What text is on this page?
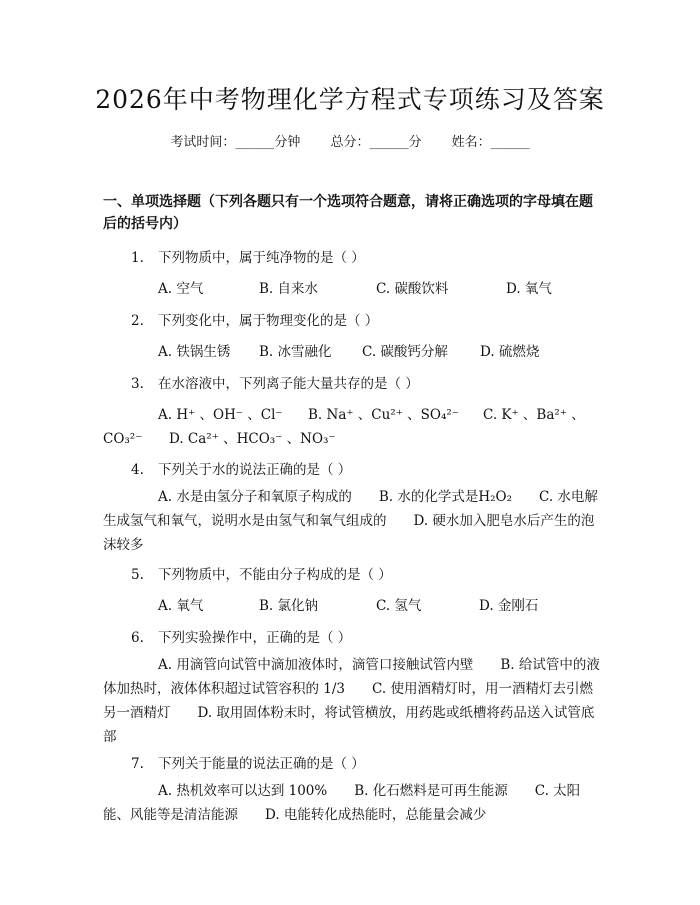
2026年中考物理化学方程式专项练习及答案
考试时间：______分钟 总分：______分 姓名：______
一、单项选择题（下列各题只有一个选项符合题意，请将正确选项的字母填在题后的括号内）
1. 下列物质中，属于纯净物的是（ ）
A. 空气	B. 自来水	C. 碳酸饮料	D. 氧气
2. 下列变化中，属于物理变化的是（ ）
A. 铁锅生锈 B. 冰雪融化 C. 碳酸钙分解 D. 硫燃烧
3. 在水溶液中，下列离子能大量共存的是（ ）
A. H⁺ 、OH⁻ 、Cl⁻ B. Na⁺ 、Cu²⁺ 、SO₄²⁻ C. K⁺ 、Ba²⁺ 、
CO₃²⁻ D. Ca²⁺ 、HCO₃⁻ 、NO₃⁻
4. 下列关于水的说法正确的是（ ）
A. 水是由氢分子和氧原子构成的　　B. 水的化学式是H₂O₂　　C. 水电解生成氢气和氧气，说明水是由氢气和氧气组成的　　D. 硬水加入肥皂水后产生的泡沫较多
5. 下列物质中，不能由分子构成的是（ ）
A. 氧气	B. 氯化钠	C. 氢气	D. 金刚石
6. 下列实验操作中，正确的是（ ）
A. 用滴管向试管中滴加液体时，滴管口接触试管内壁　　B. 给试管中的液体加热时，液体体积超过试管容积的 1/3　　C. 使用酒精灯时，用一酒精灯去引燃另一酒精灯　　D. 取用固体粉末时，将试管横放，用药匙或纸槽将药品送入试管底部
7. 下列关于能量的说法正确的是（ ）
A. 热机效率可以达到 100%　　B. 化石燃料是可再生能源　　C. 太阳能、风能等是清洁能源　　D. 电能转化成热能时，总能量会减少
